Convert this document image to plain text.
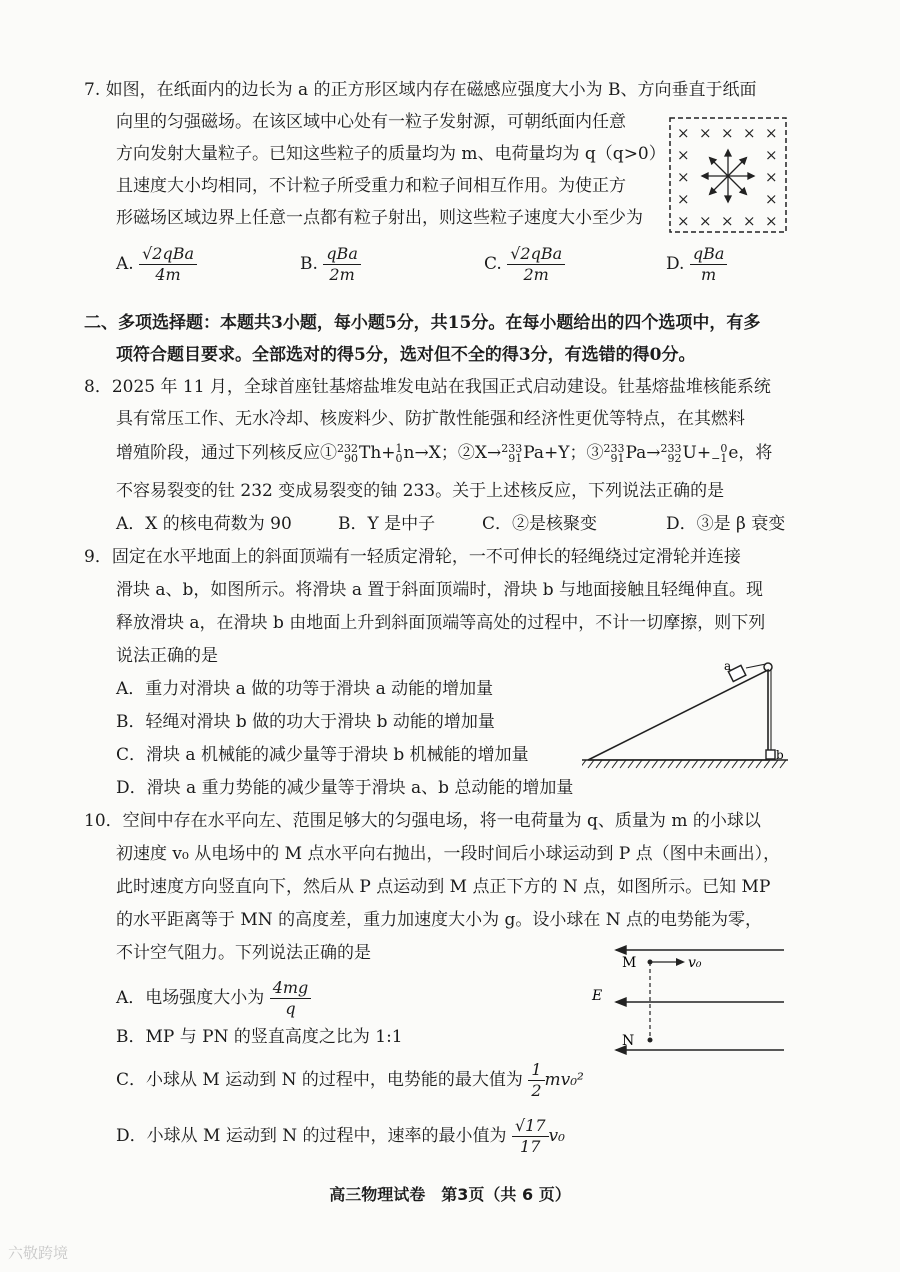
7. 如图，在纸面内的边长为 a 的正方形区域内存在磁感应强度大小为 B、方向垂直于纸面
向里的匀强磁场。在该区域中心处有一粒子发射源，可朝纸面内任意
方向发射大量粒子。已知这些粒子的质量均为 m、电荷量均为 q（q>0）
且速度大小均相同，不计粒子所受重力和粒子间相互作用。为使正方
形磁场区域边界上任意一点都有粒子射出，则这些粒子速度大小至少为
× × × × ×
×	×
×	×
×	×
× × × × ×
A. $\frac{\text{√2qBa}}{4m}$	B. $\frac{\text{qBa}}{2m}$	C. $\frac{\text{√2qBa}}{2m}$	D. $\frac{\text{qBa}}{m}$
二、多项选择题：本题共3小题，每小题5分，共15分。在每小题给出的四个选项中，有多
项符合题目要求。全部选对的得5分，选对但不全的得3分，有选错的得0分。
8．2025 年 11 月，全球首座钍基熔盐堆发电站在我国正式启动建设。钍基熔盐堆核能系统
具有常压工作、无水冷却、核废料少、防扩散性能强和经济性更优等特点，在其燃料
增殖阶段，通过下列核反应① 232
90 Th+ 1
0 n→X；②X→ 233
91 Pa+Y；③ 233
91 Pa→ 233
92 U+ 0
−1 e，将
不容易裂变的钍 232 变成易裂变的铀 233。关于上述核反应，下列说法正确的是
A．X 的核电荷数为 90	B．Y 是中子	C．②是核聚变	D．③是 β 衰变
9．固定在水平地面上的斜面顶端有一轻质定滑轮，一不可伸长的轻绳绕过定滑轮并连接
滑块 a、b，如图所示。将滑块 a 置于斜面顶端时，滑块 b 与地面接触且轻绳伸直。现
释放滑块 a，在滑块 b 由地面上升到斜面顶端等高处的过程中，不计一切摩擦，则下列
说法正确的是
A．重力对滑块 a 做的功等于滑块 a 动能的增加量
B．轻绳对滑块 b 做的功大于滑块 b 动能的增加量
C．滑块 a 机械能的减少量等于滑块 b 机械能的增加量
D．滑块 a 重力势能的减少量等于滑块 a、b 总动能的增加量
a
b
10．空间中存在水平向左、范围足够大的匀强电场，将一电荷量为 q、质量为 m 的小球以
初速度 v₀ 从电场中的 M 点水平向右抛出，一段时间后小球运动到 P 点（图中未画出），
此时速度方向竖直向下，然后从 P 点运动到 M 点正下方的 N 点，如图所示。已知 MP
的水平距离等于 MN 的高度差，重力加速度大小为 g。设小球在 N 点的电势能为零，
不计空气阻力。下列说法正确的是
A．电场强度大小为 $\frac{4mg}{q}$
B．MP 与 PN 的竖直高度之比为 1:1
C．小球从 M 运动到 N 的过程中，电势能的最大值为 $\frac{1}{2} mv_0^2$
D．小球从 M 运动到 N 的过程中，速率的最小值为 $\frac{√17}{17} v_0$
M	v₀
E
N
高三物理试卷　第3页（共 6 页）
六敬跨境
